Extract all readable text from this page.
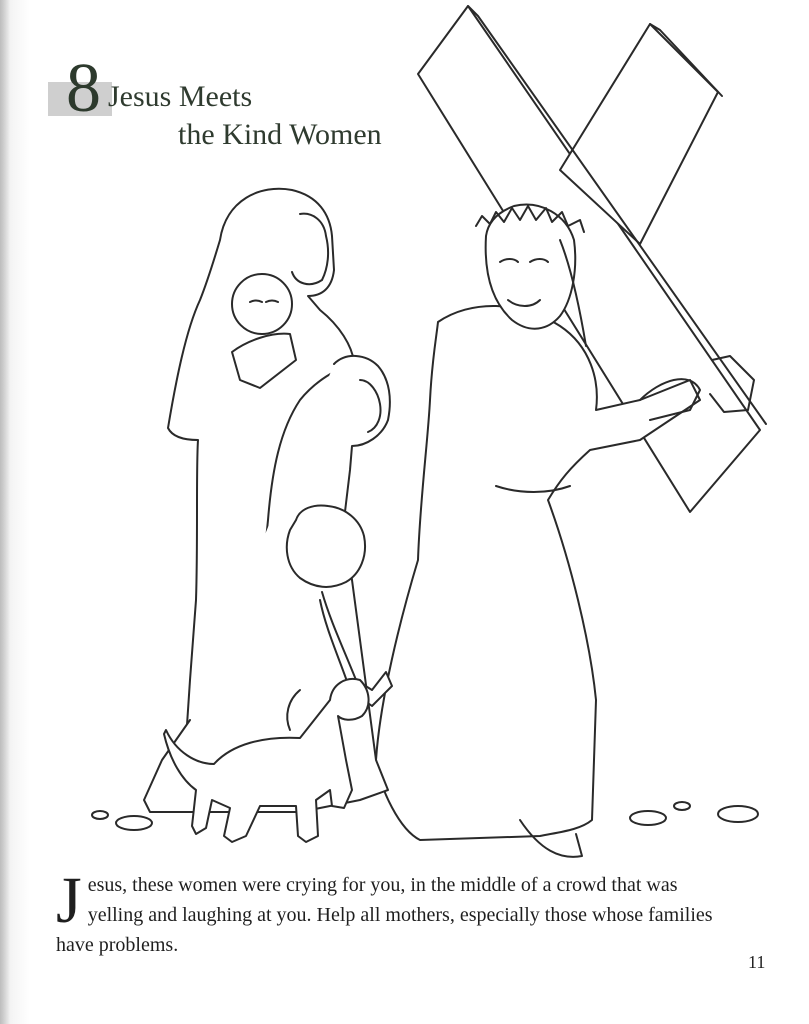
8 Jesus Meets
the Kind Women
J esus, these women were crying for you, in the middle of a crowd that was yelling and laughing at you. Help all mothers, especially those whose families have problems.
11
